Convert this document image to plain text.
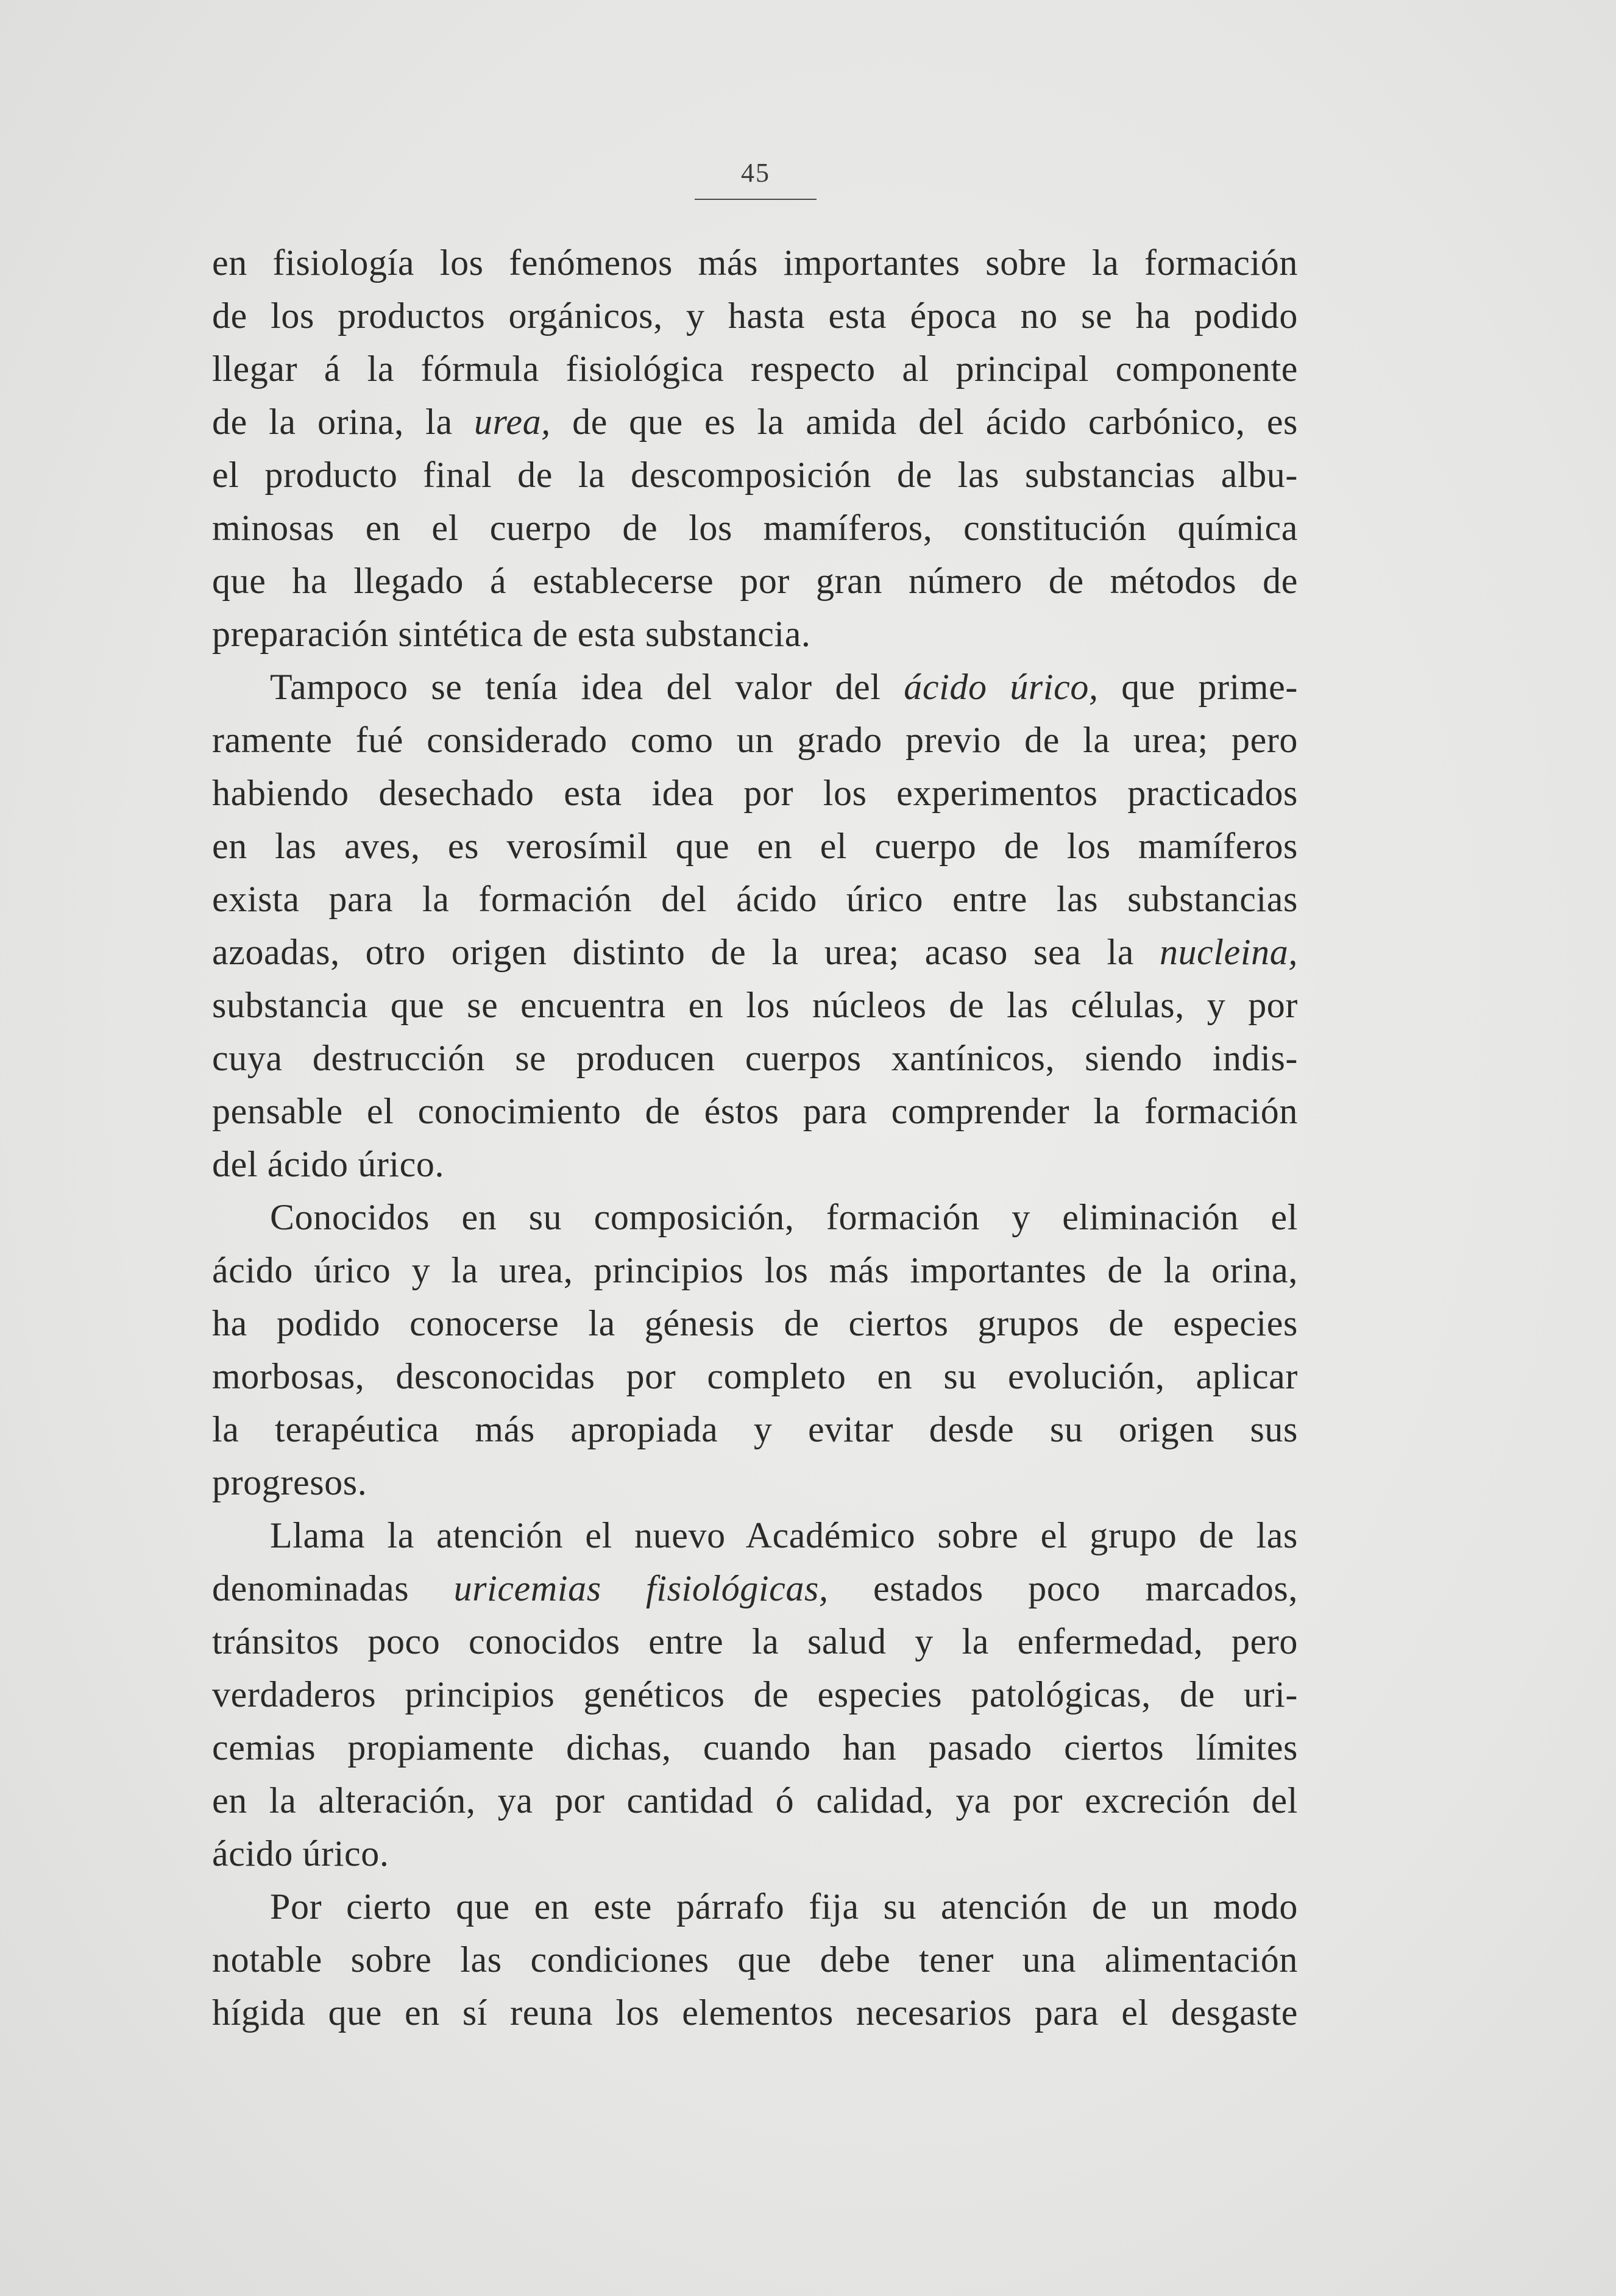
45
en fisiología los fenómenos más importantes sobre la formación
de los productos orgánicos, y hasta esta época no se ha podido
llegar á la fórmula fisiológica respecto al principal componente
de la orina, la urea, de que es la amida del ácido carbónico, es
el producto final de la descomposición de las substancias albu-
minosas en el cuerpo de los mamíferos, constitución química
que ha llegado á establecerse por gran número de métodos de
preparación sintética de esta substancia.
Tampoco se tenía idea del valor del ácido úrico, que prime-
ramente fué considerado como un grado previo de la urea; pero
habiendo desechado esta idea por los experimentos practicados
en las aves, es verosímil que en el cuerpo de los mamíferos
exista para la formación del ácido úrico entre las substancias
azoadas, otro origen distinto de la urea; acaso sea la nucleina,
substancia que se encuentra en los núcleos de las células, y por
cuya destrucción se producen cuerpos xantínicos, siendo indis-
pensable el conocimiento de éstos para comprender la formación
del ácido úrico.
Conocidos en su composición, formación y eliminación el
ácido úrico y la urea, principios los más importantes de la orina,
ha podido conocerse la génesis de ciertos grupos de especies
morbosas, desconocidas por completo en su evolución, aplicar
la terapéutica más apropiada y evitar desde su origen sus
progresos.
Llama la atención el nuevo Académico sobre el grupo de las
denominadas uricemias fisiológicas, estados poco marcados,
tránsitos poco conocidos entre la salud y la enfermedad, pero
verdaderos principios genéticos de especies patológicas, de uri-
cemias propiamente dichas, cuando han pasado ciertos límites
en la alteración, ya por cantidad ó calidad, ya por excreción del
ácido úrico.
Por cierto que en este párrafo fija su atención de un modo
notable sobre las condiciones que debe tener una alimentación
hígida que en sí reuna los elementos necesarios para el desgaste
